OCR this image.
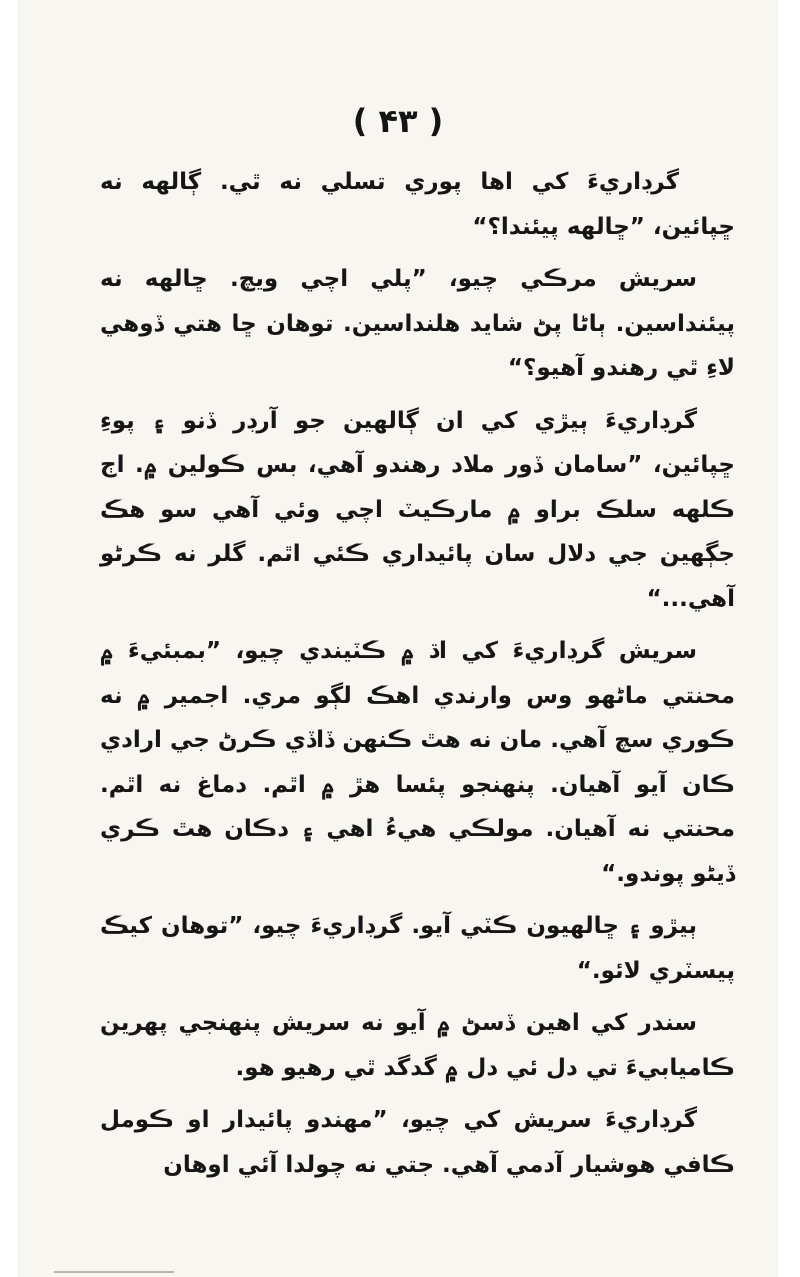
( ۴۳ )

گرڊاريءَ کي اها پوري تسلي نه ٿي. ڳالهه نه ڇپائين، ”ڇالهه پيئندا؟“

سريش مرڪي چيو، ”پلي اچي ويچ. ڇالهه نه پيئنداسين. ٻاڻا پڻ شايد هلنداسين. توهان ڇا هتي ڏوهي لاءِ ٿي رهندو آهيو؟“

گرڊاريءَ ٻيڙي کي ان ڳالهين جو آرڊر ڏنو ۽ پوءِ ڇپائين، ”سامان ڏور ملاد رهندو آهي، بس ڪولين ۾. اڄ ڪلهه سلڪ براو ۾ مارڪيٽ اچي وئي آهي سو هڪ جڳهين جي دلال سان پائيداري ڪئي اٿم. گلر نه ڪرڻو آهي...“

سريش گرڊاريءَ کي اڌ ۾ ڪٽيندي چيو، ”بمبئيءَ ۾ محنتي ماڻهو وس وارندي اهڪ لڳو مري. اجمير ۾ نه ڪوري سچ آهي. مان نه هٿ ڪنهن ڏاڏي ڪرڻ جي ارادي ڪان آيو آهيان. پنهنجو پئسا هڙ ۾ اٿم. دماغ نه اٿم. محنتي نه آهيان. مولڪي هيءُ اهي ۽ دڪان هٿ ڪري ڏيڻو پوندو.“

ٻيڙو ۽ ڇالهيون ڪٽي آيو. گرڊاريءَ چيو، ”توهان کيڪ پيسٽري لائو.“

سندر کي اهين ڏسڻ ۾ آيو نه سريش پنهنجي پهرين ڪاميابيءَ تي دل ئي دل ۾ گدگد ٿي رهيو هو.

گرڊاريءَ سريش کي چيو، ”مهندو پائيدار او ڪومل ڪافي هوشيار آدمي آهي. جتي نه چولدا آئي اوهان
